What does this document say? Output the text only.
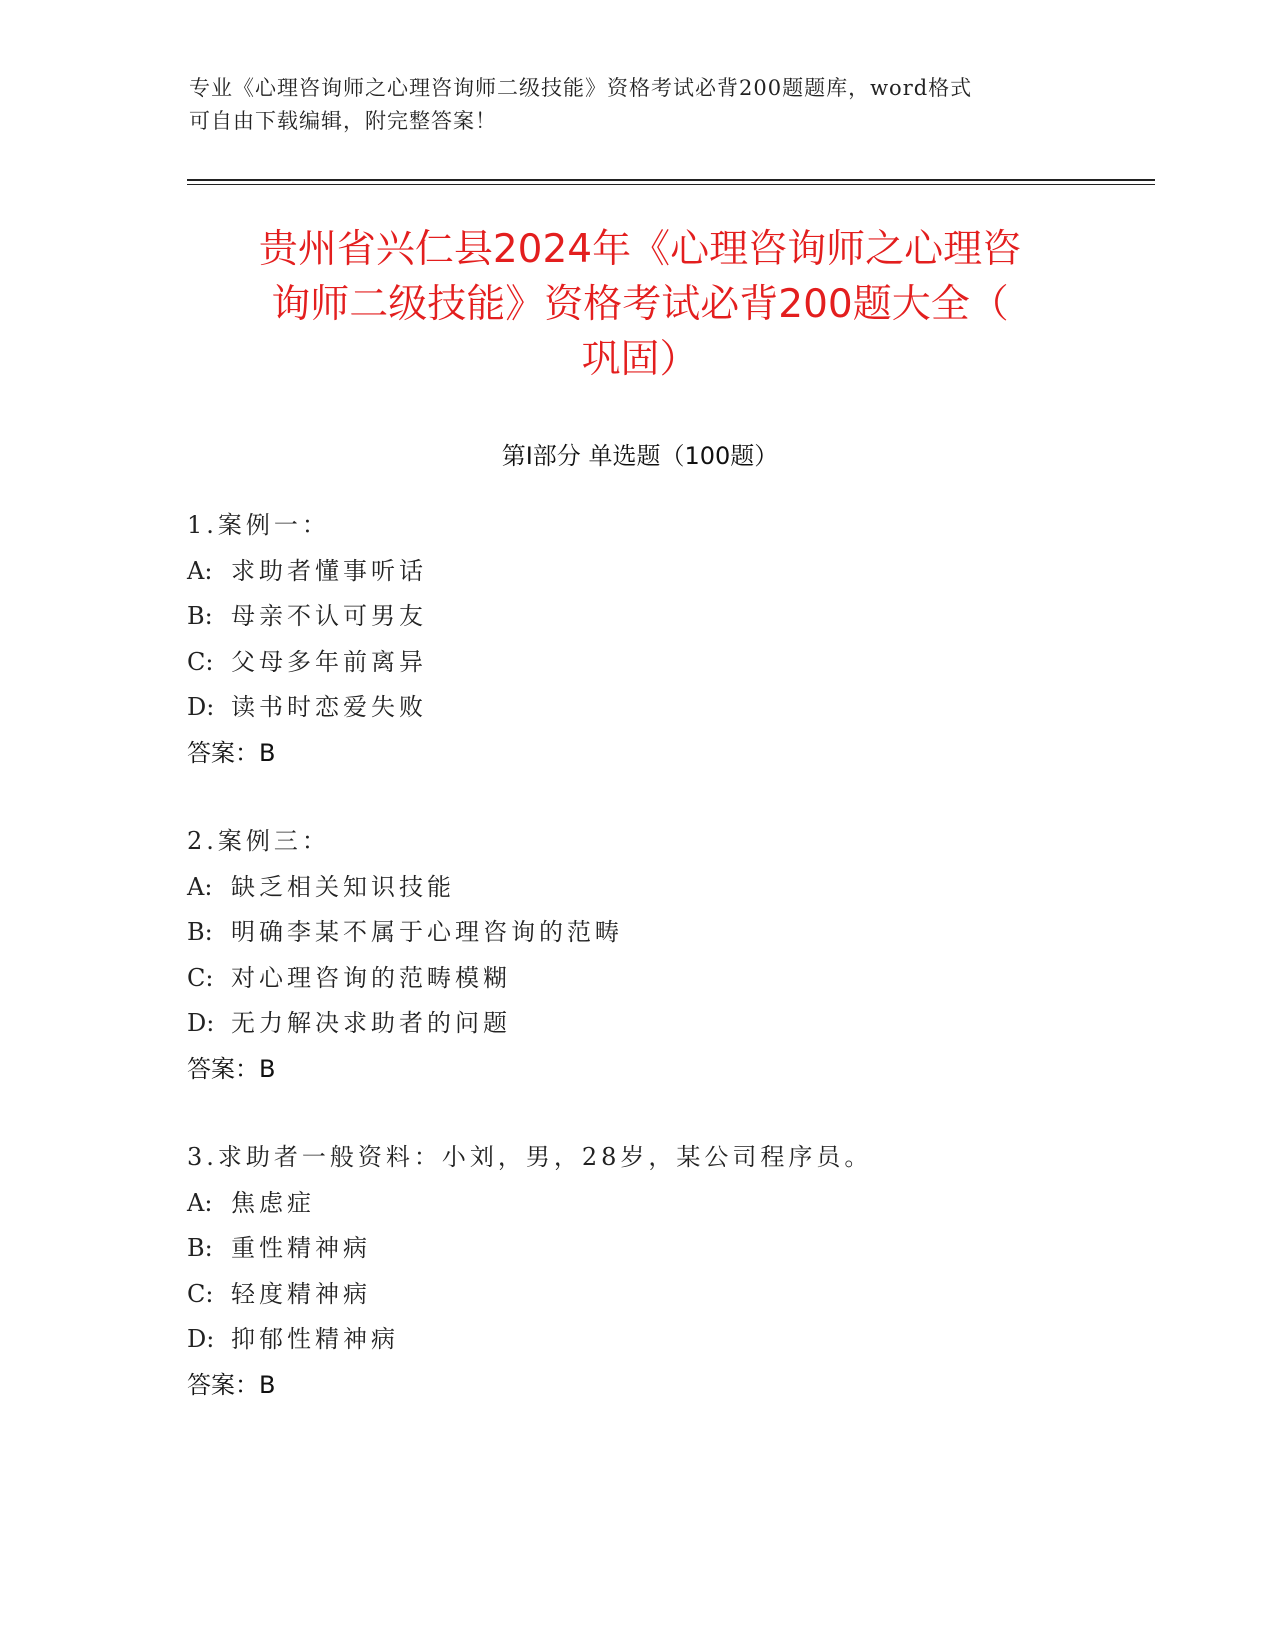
专业《心理咨询师之心理咨询师二级技能》资格考试必背200题题库，word格式
可自由下载编辑，附完整答案！
贵州省兴仁县2024年《心理咨询师之心理咨
询师二级技能》资格考试必背200题大全（
巩固）
第I部分 单选题（100题）
1.案例一：
A: 求助者懂事听话
B: 母亲不认可男友
C: 父母多年前离异
D: 读书时恋爱失败
答案：B
2.案例三：
A: 缺乏相关知识技能
B: 明确李某不属于心理咨询的范畴
C: 对心理咨询的范畴模糊
D: 无力解决求助者的问题
答案：B
3.求助者一般资料：小刘，男，28岁，某公司程序员。
A: 焦虑症
B: 重性精神病
C: 轻度精神病
D: 抑郁性精神病
答案：B
